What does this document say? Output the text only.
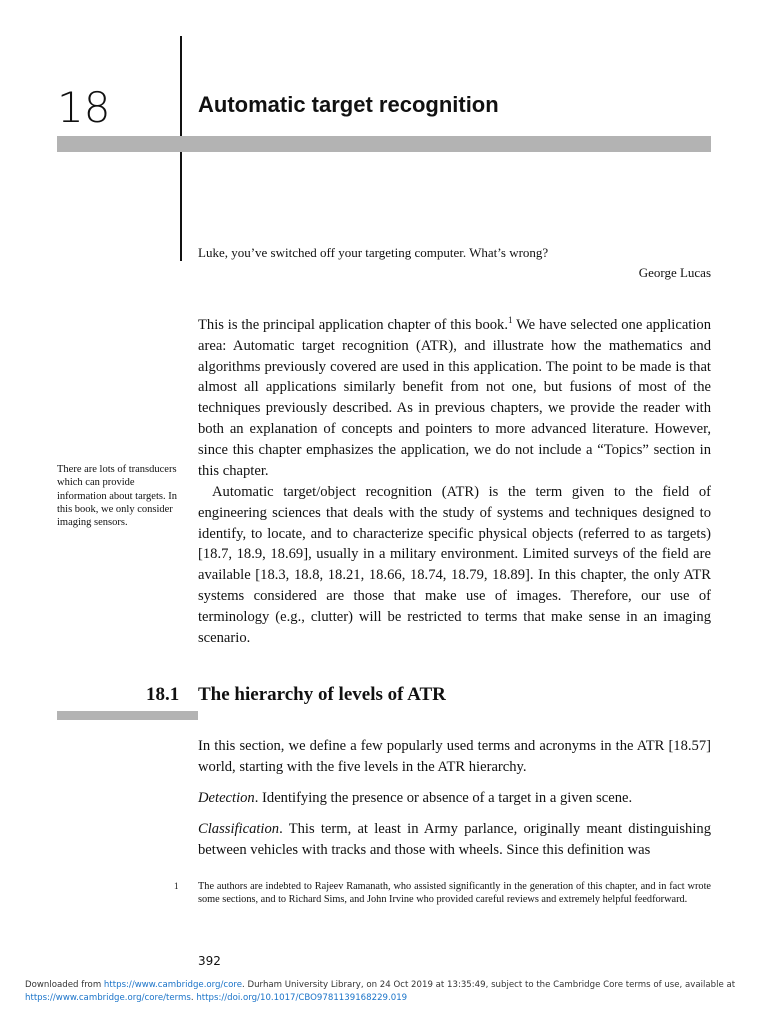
18	Automatic target recognition
Luke, you’ve switched off your targeting computer. What’s wrong?
George Lucas

This is the principal application chapter of this book.$^1$ We have selected one application area: Automatic target recognition (ATR), and illustrate how the mathematics and algorithms previously covered are used in this application. The point to be made is that almost all applications similarly benefit from not one, but fusions of most of the techniques previously described. As in previous chapters, we provide the reader with both an explanation of concepts and pointers to more advanced literature. However, since this chapter emphasizes the application, we do not include a “Topics” section in this chapter.

There are lots of transducers which can provide information about targets. In this book, we only consider imaging sensors.

Automatic target/object recognition (ATR) is the term given to the field of engineering sciences that deals with the study of systems and techniques designed to identify, to locate, and to characterize specific physical objects (referred to as targets) [18.7, 18.9, 18.69], usually in a military environment. Limited surveys of the field are available [18.3, 18.8, 18.21, 18.66, 18.74, 18.79, 18.89]. In this chapter, the only ATR systems considered are those that make use of images. Therefore, our use of terminology (e.g., clutter) will be restricted to terms that make sense in an imaging scenario.

18.1 The hierarchy of levels of ATR

In this section, we define a few popularly used terms and acronyms in the ATR [18.57] world, starting with the five levels in the ATR hierarchy.

Detection. Identifying the presence or absence of a target in a given scene.

Classification. This term, at least in Army parlance, originally meant distinguishing between vehicles with tracks and those with wheels. Since this definition was

1 The authors are indebted to Rajeev Ramanath, who assisted significantly in the generation of this chapter, and in fact wrote some sections, and to Richard Sims, and John Irvine who provided careful reviews and extremely helpful feedforward.
392
Downloaded from https://www.cambridge.org/core. Durham University Library, on 24 Oct 2019 at 13:35:49, subject to the Cambridge Core terms of use, available at https://www.cambridge.org/core/terms. https://doi.org/10.1017/CBO9781139168229.019
